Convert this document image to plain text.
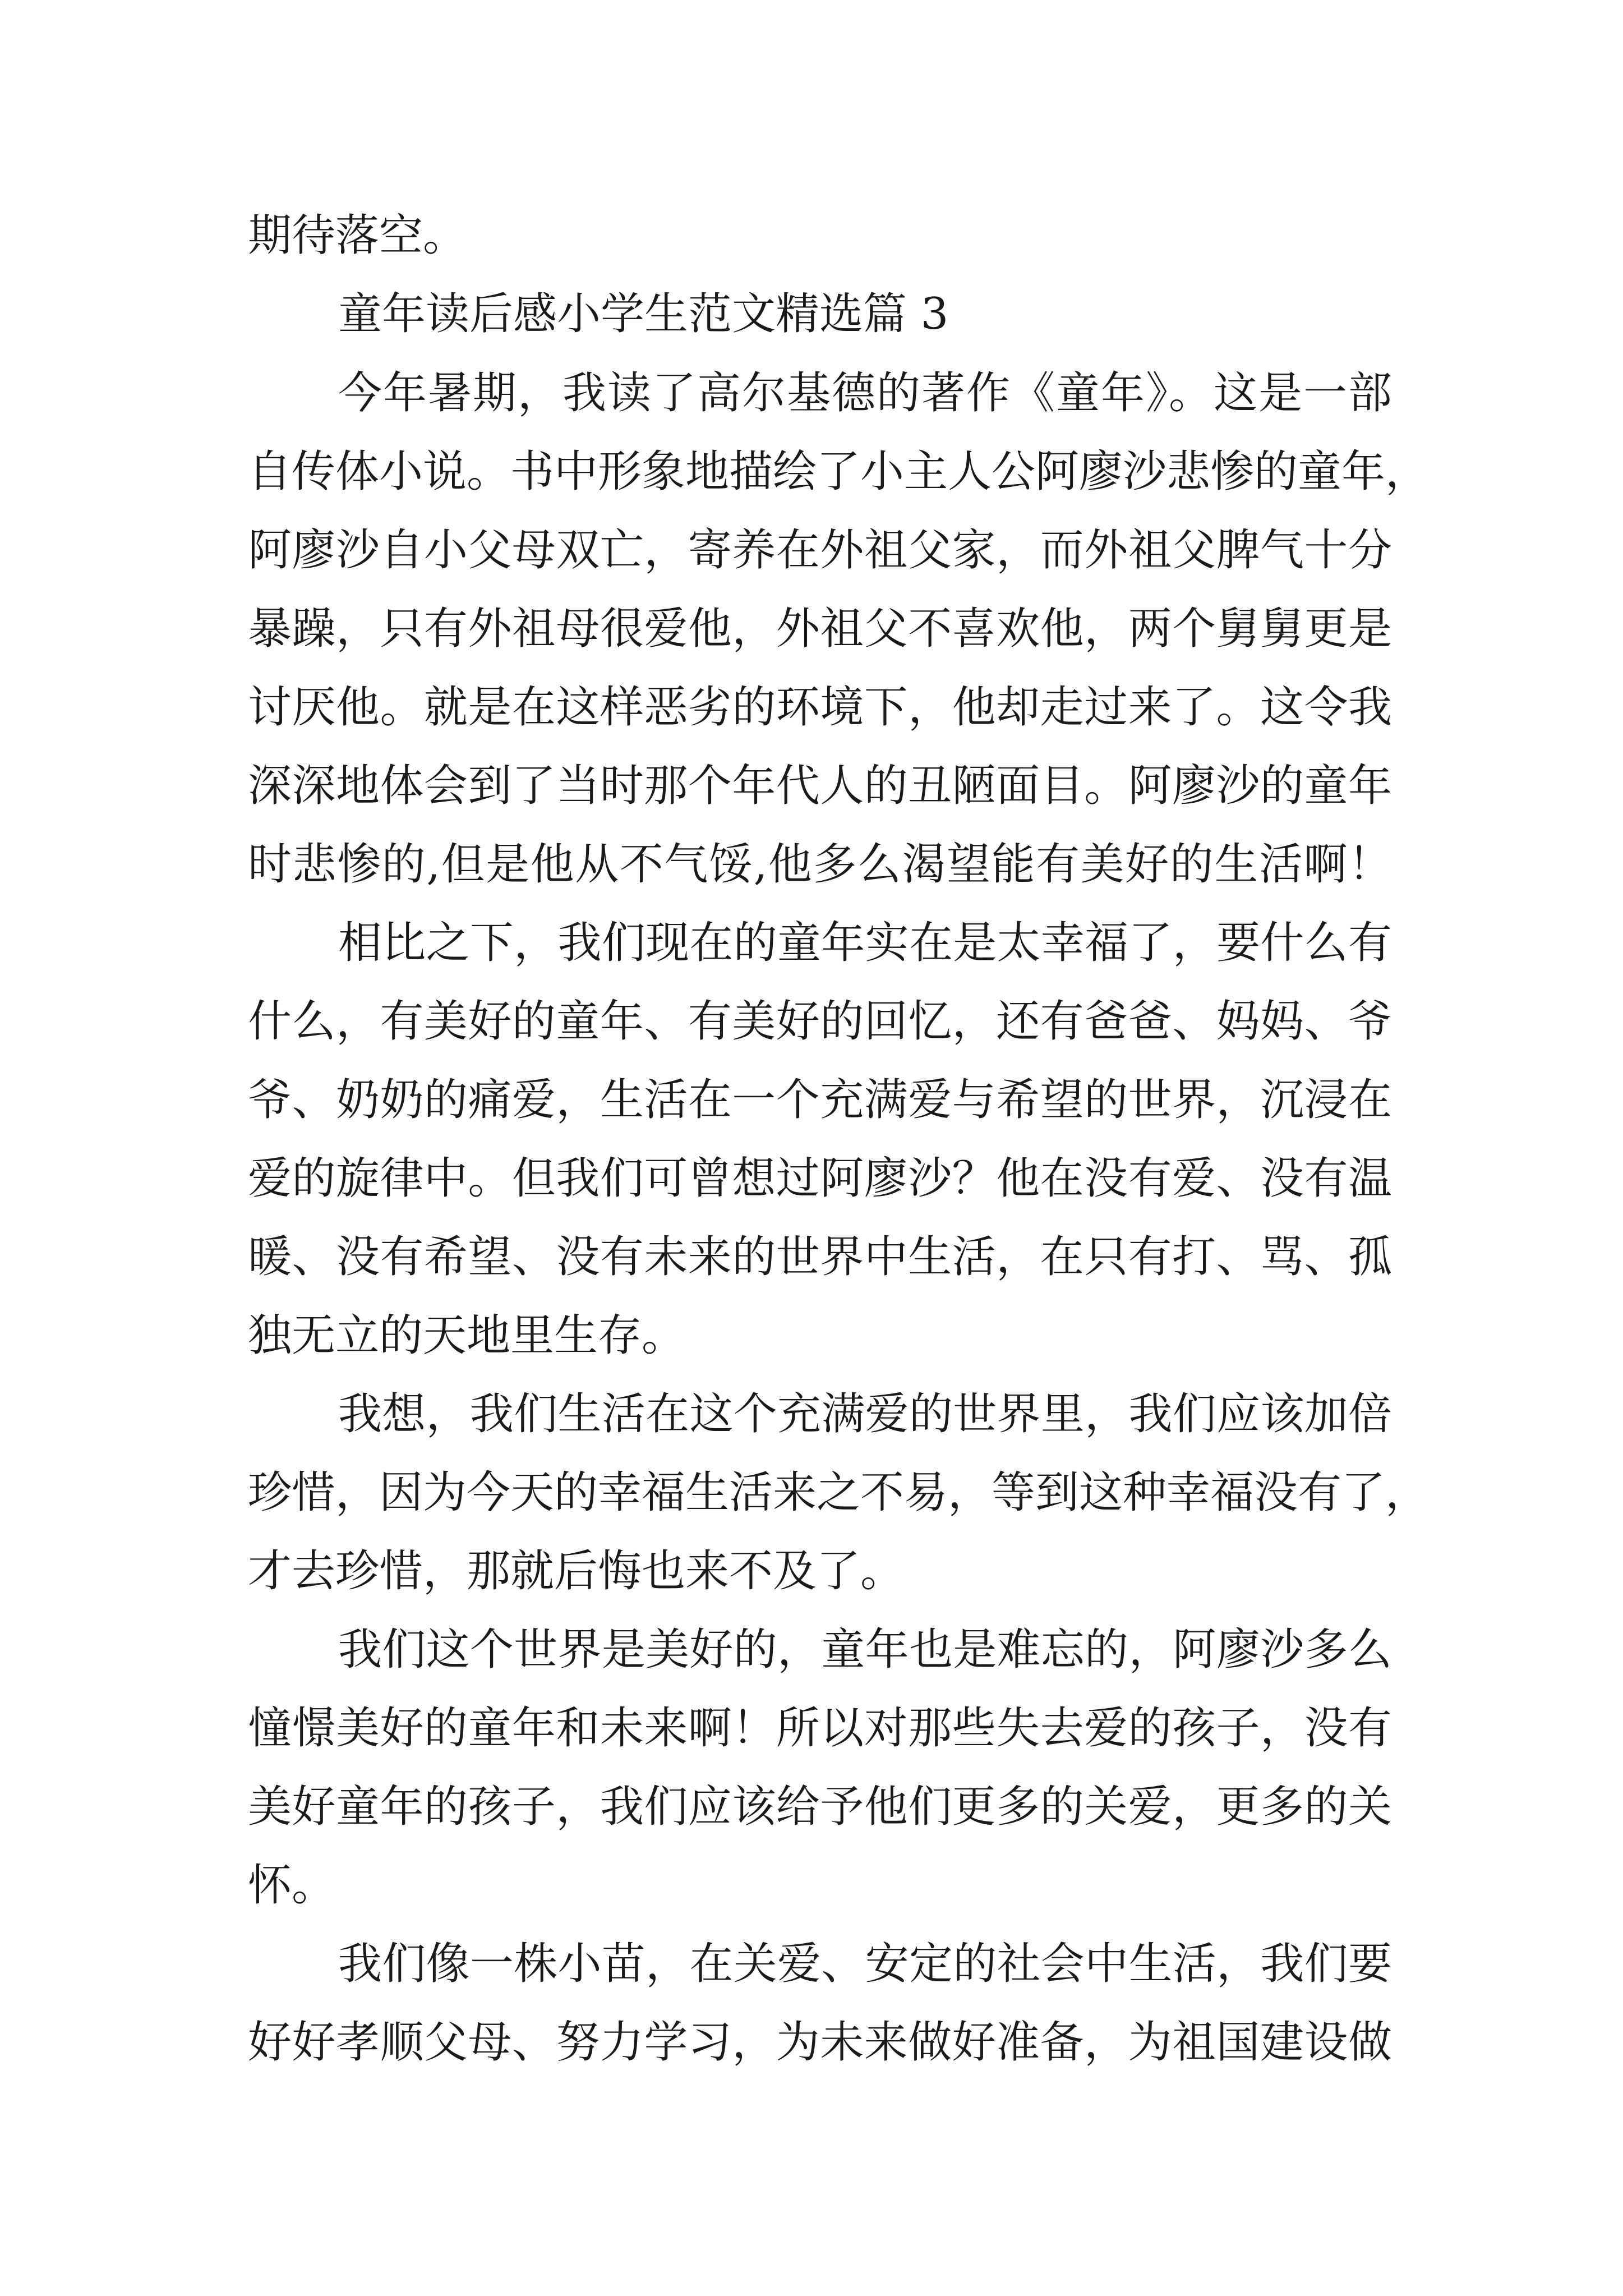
期待落空。
童年读后感小学生范文精选篇 3
今年暑期，我读了高尔基德的著作《童年》。这是一部
自传体小说。书中形象地描绘了小主人公阿廖沙悲惨的童年，
阿廖沙自小父母双亡，寄养在外祖父家，而外祖父脾气十分
暴躁，只有外祖母很爱他，外祖父不喜欢他，两个舅舅更是
讨厌他。就是在这样恶劣的环境下，他却走过来了。这令我
深深地体会到了当时那个年代人的丑陋面目。阿廖沙的童年
时悲惨的,但是他从不气馁,他多么渴望能有美好的生活啊！
相比之下，我们现在的童年实在是太幸福了，要什么有
什么，有美好的童年、有美好的回忆，还有爸爸、妈妈、爷
爷、奶奶的痛爱，生活在一个充满爱与希望的世界，沉浸在
爱的旋律中。但我们可曾想过阿廖沙？他在没有爱、没有温
暖、没有希望、没有未来的世界中生活，在只有打、骂、孤
独无立的天地里生存。
我想，我们生活在这个充满爱的世界里，我们应该加倍
珍惜，因为今天的幸福生活来之不易，等到这种幸福没有了，
才去珍惜，那就后悔也来不及了。
我们这个世界是美好的，童年也是难忘的，阿廖沙多么
憧憬美好的童年和未来啊！所以对那些失去爱的孩子，没有
美好童年的孩子，我们应该给予他们更多的关爱，更多的关
怀。
我们像一株小苗，在关爱、安定的社会中生活，我们要
好好孝顺父母、努力学习，为未来做好准备，为祖国建设做
